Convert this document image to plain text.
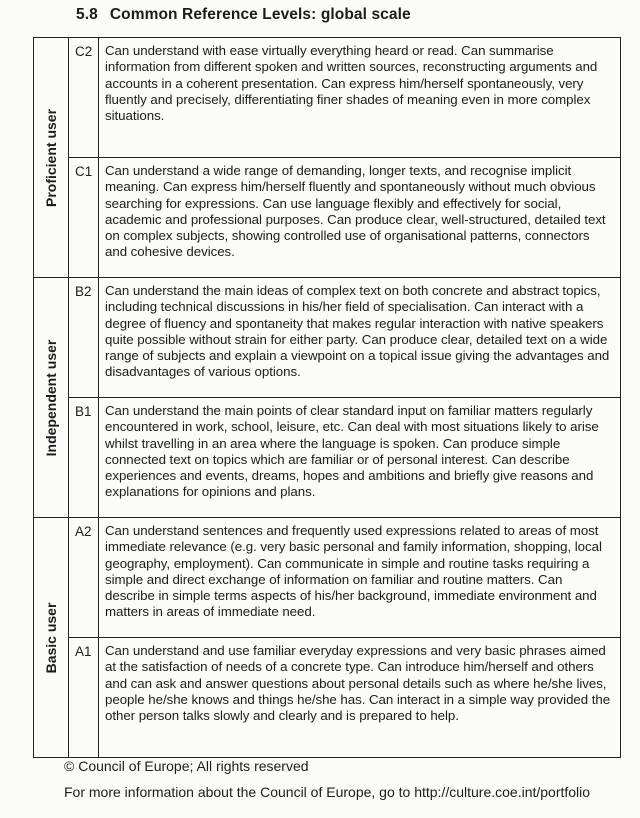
5.8 Common Reference Levels: global scale
Proficient user	C2	Can understand with ease virtually everything heard or read. Can summarise information from different spoken and written sources, reconstructing arguments and accounts in a coherent presentation. Can express him/herself spontaneously, very fluently and precisely, differentiating finer shades of meaning even in more complex situations.
	C1	Can understand a wide range of demanding, longer texts, and recognise implicit meaning. Can express him/herself fluently and spontaneously without much obvious searching for expressions. Can use language flexibly and effectively for social, academic and professional purposes. Can produce clear, well-structured, detailed text on complex subjects, showing controlled use of organisational patterns, connectors and cohesive devices.

Independent user	B2	Can understand the main ideas of complex text on both concrete and abstract topics, including technical discussions in his/her field of specialisation. Can interact with a degree of fluency and spontaneity that makes regular interaction with native speakers quite possible without strain for either party. Can produce clear, detailed text on a wide range of subjects and explain a viewpoint on a topical issue giving the advantages and disadvantages of various options.
	B1	Can understand the main points of clear standard input on familiar matters regularly encountered in work, school, leisure, etc. Can deal with most situations likely to arise whilst travelling in an area where the language is spoken. Can produce simple connected text on topics which are familiar or of personal interest. Can describe experiences and events, dreams, hopes and ambitions and briefly give reasons and explanations for opinions and plans.

Basic user	A2	Can understand sentences and frequently used expressions related to areas of most immediate relevance (e.g. very basic personal and family information, shopping, local geography, employment). Can communicate in simple and routine tasks requiring a simple and direct exchange of information on familiar and routine matters. Can describe in simple terms aspects of his/her background, immediate environment and matters in areas of immediate need.
	A1	Can understand and use familiar everyday expressions and very basic phrases aimed at the satisfaction of needs of a concrete type. Can introduce him/herself and others and can ask and answer questions about personal details such as where he/she lives, people he/she knows and things he/she has. Can interact in a simple way provided the other person talks slowly and clearly and is prepared to help.
© Council of Europe; All rights reserved
For more information about the Council of Europe, go to http://culture.coe.int/portfolio
